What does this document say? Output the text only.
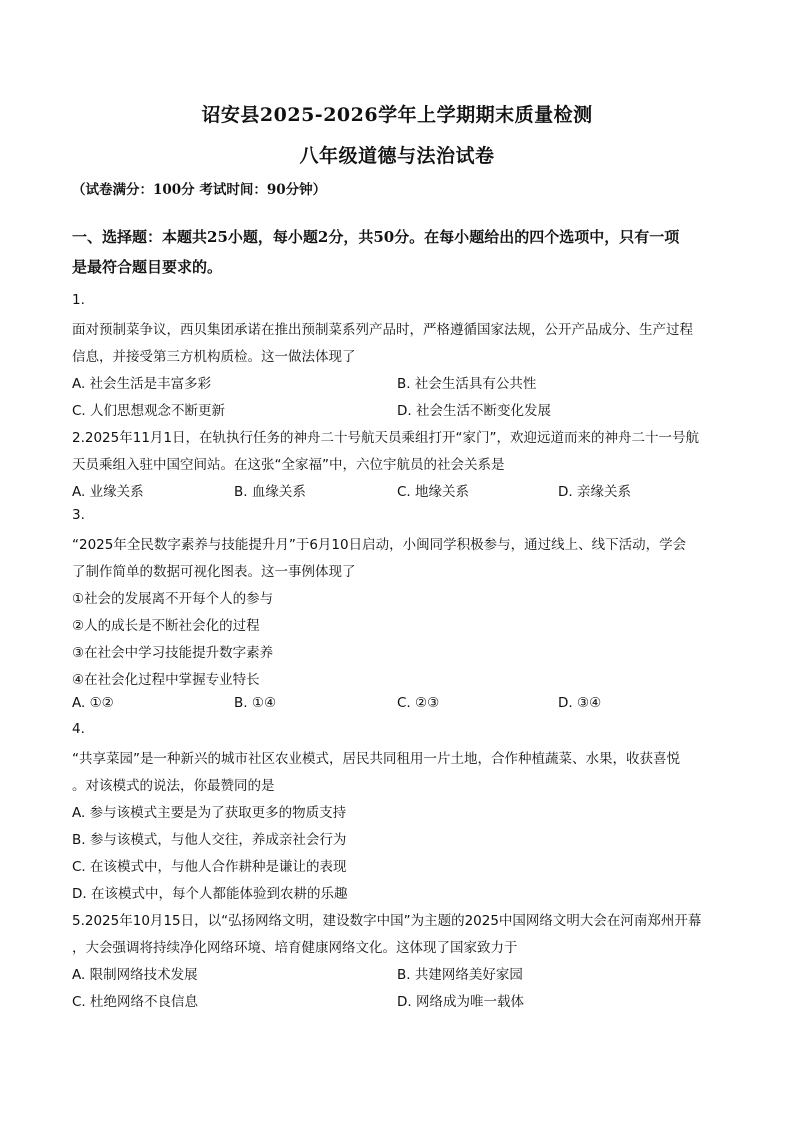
诏安县2025-2026学年上学期期末质量检测
八年级道德与法治试卷
（试卷满分：100分 考试时间：90分钟）
一、选择题：本题共25小题，每小题2分，共50分。在每小题给出的四个选项中，只有一项
是最符合题目要求的。
1.
面对预制菜争议，西贝集团承诺在推出预制菜系列产品时，严格遵循国家法规，公开产品成分、生产过程
信息，并接受第三方机构质检。这一做法体现了
A. 社会生活是丰富多彩	B. 社会生活具有公共性
C. 人们思想观念不断更新	D. 社会生活不断变化发展
2.2025年11月1日，在轨执行任务的神舟二十号航天员乘组打开“家门”，欢迎远道而来的神舟二十一号航
天员乘组入驻中国空间站。在这张“全家福”中，六位宇航员的社会关系是
A. 业缘关系	B. 血缘关系	C. 地缘关系	D. 亲缘关系
3.
“2025年全民数字素养与技能提升月”于6月10日启动，小闽同学积极参与，通过线上、线下活动，学会
了制作简单的数据可视化图表。这一事例体现了
①社会的发展离不开每个人的参与
②人的成长是不断社会化的过程
③在社会中学习技能提升数字素养
④在社会化过程中掌握专业特长
A. ①②	B. ①④	C. ②③	D. ③④
4.
“共享菜园”是一种新兴的城市社区农业模式，居民共同租用一片土地，合作种植蔬菜、水果，收获喜悦
。对该模式的说法，你最赞同的是
A. 参与该模式主要是为了获取更多的物质支持
B. 参与该模式，与他人交往，养成亲社会行为
C. 在该模式中，与他人合作耕种是谦让的表现
D. 在该模式中，每个人都能体验到农耕的乐趣
5.2025年10月15日，以“弘扬网络文明，建设数字中国”为主题的2025中国网络文明大会在河南郑州开幕
，大会强调将持续净化网络环境、培育健康网络文化。这体现了国家致力于
A. 限制网络技术发展	B. 共建网络美好家园
C. 杜绝网络不良信息	D. 网络成为唯一载体
